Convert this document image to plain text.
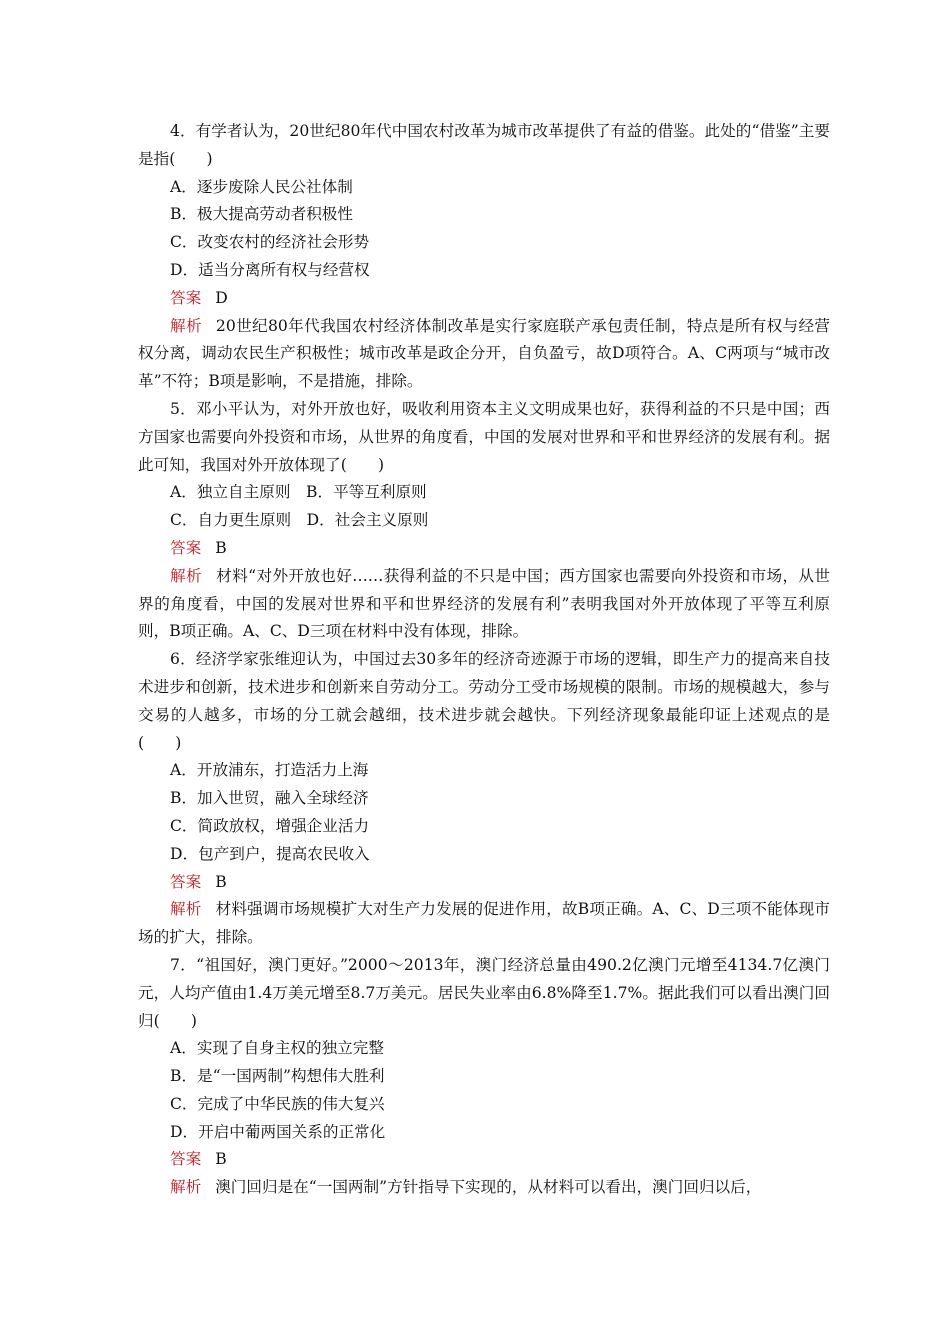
4．有学者认为，20世纪80年代中国农村改革为城市改革提供了有益的借鉴。此处的“借鉴”主要是指(　　)

A．逐步废除人民公社体制

B．极大提高劳动者积极性

C．改变农村的经济社会形势

D．适当分离所有权与经营权

答案 D

解析 20世纪80年代我国农村经济体制改革是实行家庭联产承包责任制，特点是所有权与经营权分离，调动农民生产积极性；城市改革是政企分开，自负盈亏，故D项符合。A、C两项与“城市改革”不符；B项是影响，不是措施，排除。

5．邓小平认为，对外开放也好，吸收利用资本主义文明成果也好，获得利益的不只是中国；西方国家也需要向外投资和市场，从世界的角度看，中国的发展对世界和平和世界经济的发展有利。据此可知，我国对外开放体现了(　　)

A．独立自主原则　B．平等互利原则

C．自力更生原则　D．社会主义原则

答案 B

解析 材料“对外开放也好……获得利益的不只是中国；西方国家也需要向外投资和市场，从世界的角度看，中国的发展对世界和平和世界经济的发展有利”表明我国对外开放体现了平等互利原则，B项正确。A、C、D三项在材料中没有体现，排除。

6．经济学家张维迎认为，中国过去30多年的经济奇迹源于市场的逻辑，即生产力的提高来自技术进步和创新，技术进步和创新来自劳动分工。劳动分工受市场规模的限制。市场的规模越大，参与交易的人越多，市场的分工就会越细，技术进步就会越快。下列经济现象最能印证上述观点的是(　　)

A．开放浦东，打造活力上海

B．加入世贸，融入全球经济

C．简政放权，增强企业活力

D．包产到户，提高农民收入

答案 B

解析 材料强调市场规模扩大对生产力发展的促进作用，故B项正确。A、C、D三项不能体现市场的扩大，排除。

7．“祖国好，澳门更好。”2000～2013年，澳门经济总量由490.2亿澳门元增至4134.7亿澳门元，人均产值由1.4万美元增至8.7万美元。居民失业率由6.8%降至1.7%。据此我们可以看出澳门回归(　　)

A．实现了自身主权的独立完整

B．是“一国两制”构想伟大胜利

C．完成了中华民族的伟大复兴

D．开启中葡两国关系的正常化

答案 B

解析 澳门回归是在“一国两制”方针指导下实现的，从材料可以看出，澳门回归以后，
